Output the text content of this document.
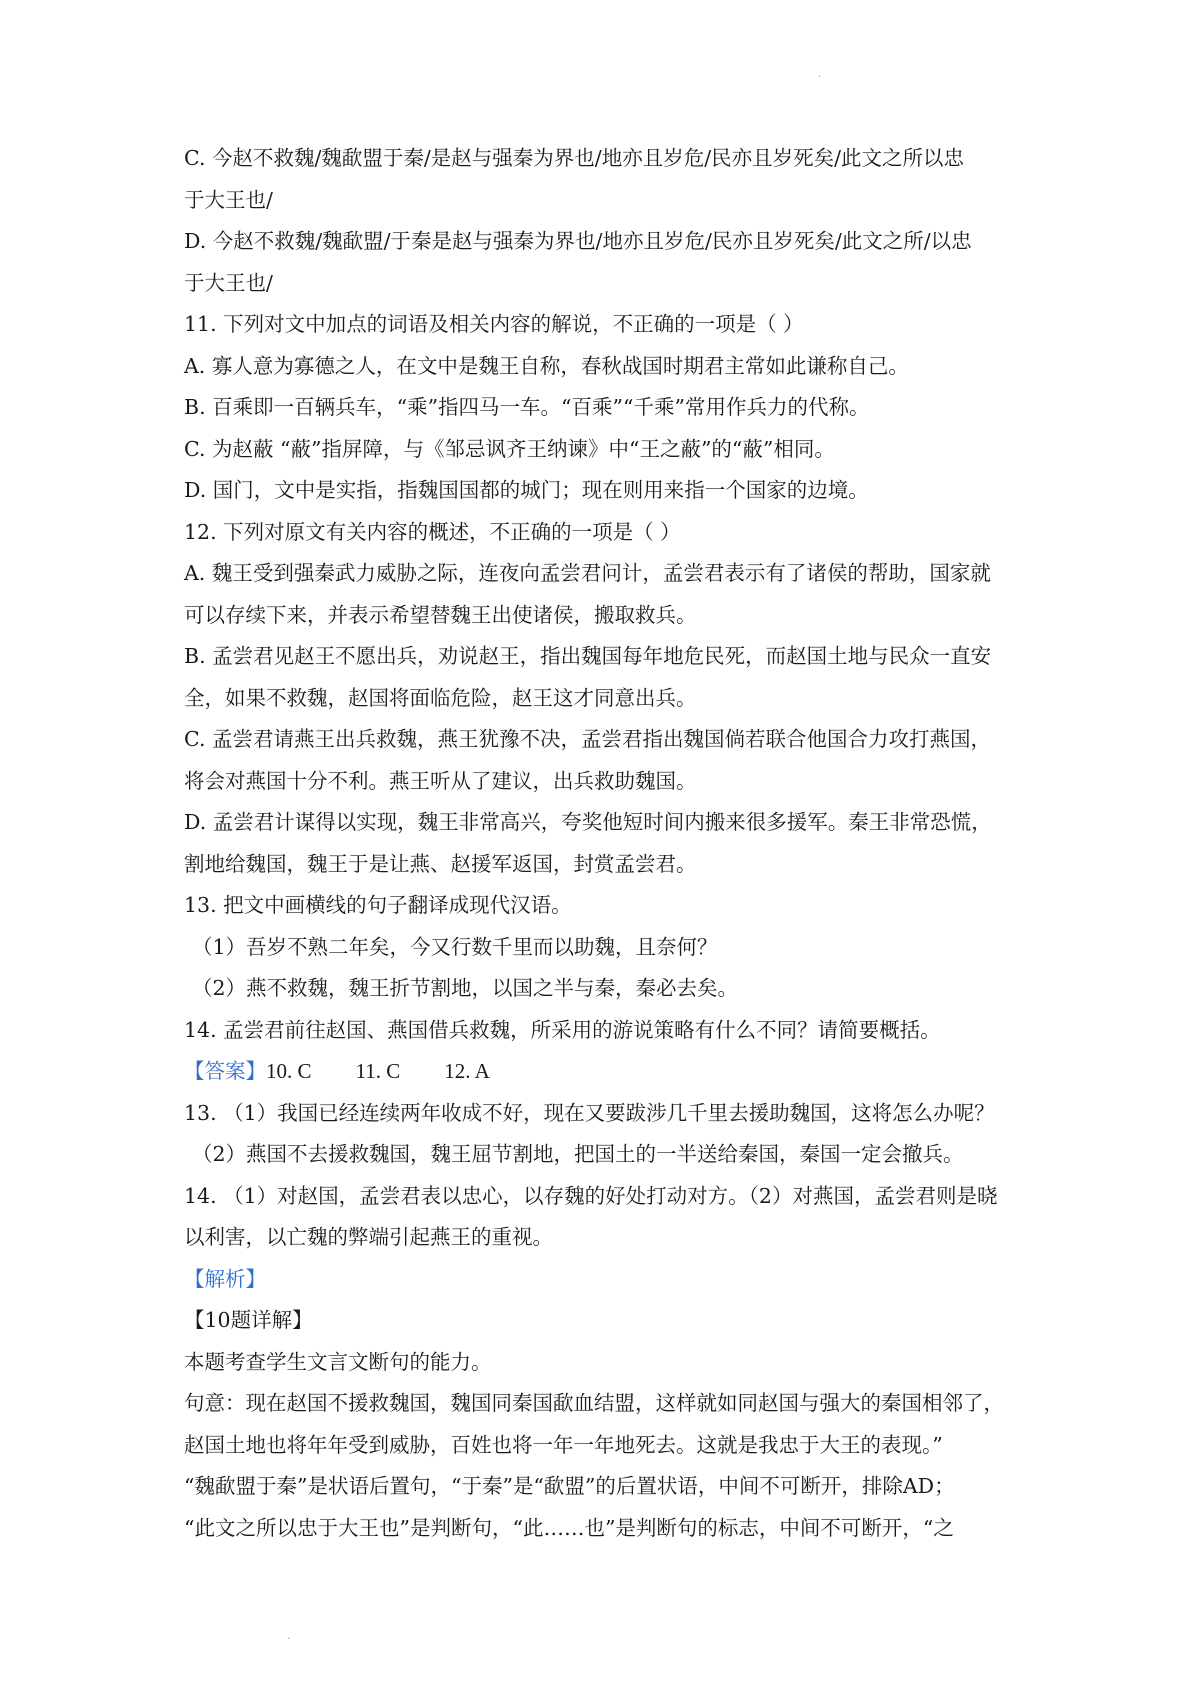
·
C. 今赵不救魏/魏歃盟于秦/是赵与强秦为界也/地亦且岁危/民亦且岁死矣/此文之所以忠
于大王也/
D. 今赵不救魏/魏歃盟/于秦是赵与强秦为界也/地亦且岁危/民亦且岁死矣/此文之所/以忠
于大王也/
11. 下列对文中加点的词语及相关内容的解说，不正确的一项是（ ）
A. 寡人意为寡德之人，在文中是魏王自称，春秋战国时期君主常如此谦称自己。
B. 百乘即一百辆兵车，“乘”指四马一车。“百乘”“千乘”常用作兵力的代称。
C. 为赵蔽 “蔽”指屏障，与《邹忌讽齐王纳谏》中“王之蔽”的“蔽”相同。
D. 国门，文中是实指，指魏国国都的城门；现在则用来指一个国家的边境。
12. 下列对原文有关内容的概述，不正确的一项是（ ）
A. 魏王受到强秦武力威胁之际，连夜向孟尝君问计，孟尝君表示有了诸侯的帮助，国家就
可以存续下来，并表示希望替魏王出使诸侯，搬取救兵。
B. 孟尝君见赵王不愿出兵，劝说赵王，指出魏国每年地危民死，而赵国土地与民众一直安
全，如果不救魏，赵国将面临危险，赵王这才同意出兵。
C. 孟尝君请燕王出兵救魏，燕王犹豫不决，孟尝君指出魏国倘若联合他国合力攻打燕国，
将会对燕国十分不利。燕王听从了建议，出兵救助魏国。
D. 孟尝君计谋得以实现，魏王非常高兴，夸奖他短时间内搬来很多援军。秦王非常恐慌，
割地给魏国，魏王于是让燕、赵援军返国，封赏孟尝君。
13. 把文中画横线的句子翻译成现代汉语。
（1）吾岁不熟二年矣，今又行数千里而以助魏，且奈何？
（2）燕不救魏，魏王折节割地，以国之半与秦，秦必去矣。
14. 孟尝君前往赵国、燕国借兵救魏，所采用的游说策略有什么不同？请简要概括。
【答案】10. C 11. C 12. A
13. （1）我国已经连续两年收成不好，现在又要跋涉几千里去援助魏国，这将怎么办呢？
（2）燕国不去援救魏国，魏王屈节割地，把国土的一半送给秦国，秦国一定会撤兵。
14. （1）对赵国，孟尝君表以忠心，以存魏的好处打动对方。（2）对燕国，孟尝君则是晓
以利害，以亡魏的弊端引起燕王的重视。
【解析】
【10题详解】
本题考查学生文言文断句的能力。
句意：现在赵国不援救魏国，魏国同秦国歃血结盟，这样就如同赵国与强大的秦国相邻了，
赵国土地也将年年受到威胁，百姓也将一年一年地死去。这就是我忠于大王的表现。”
“魏歃盟于秦”是状语后置句，“于秦”是“歃盟”的后置状语，中间不可断开，排除AD；
“此文之所以忠于大王也”是判断句，“此……也”是判断句的标志，中间不可断开，“之
·
